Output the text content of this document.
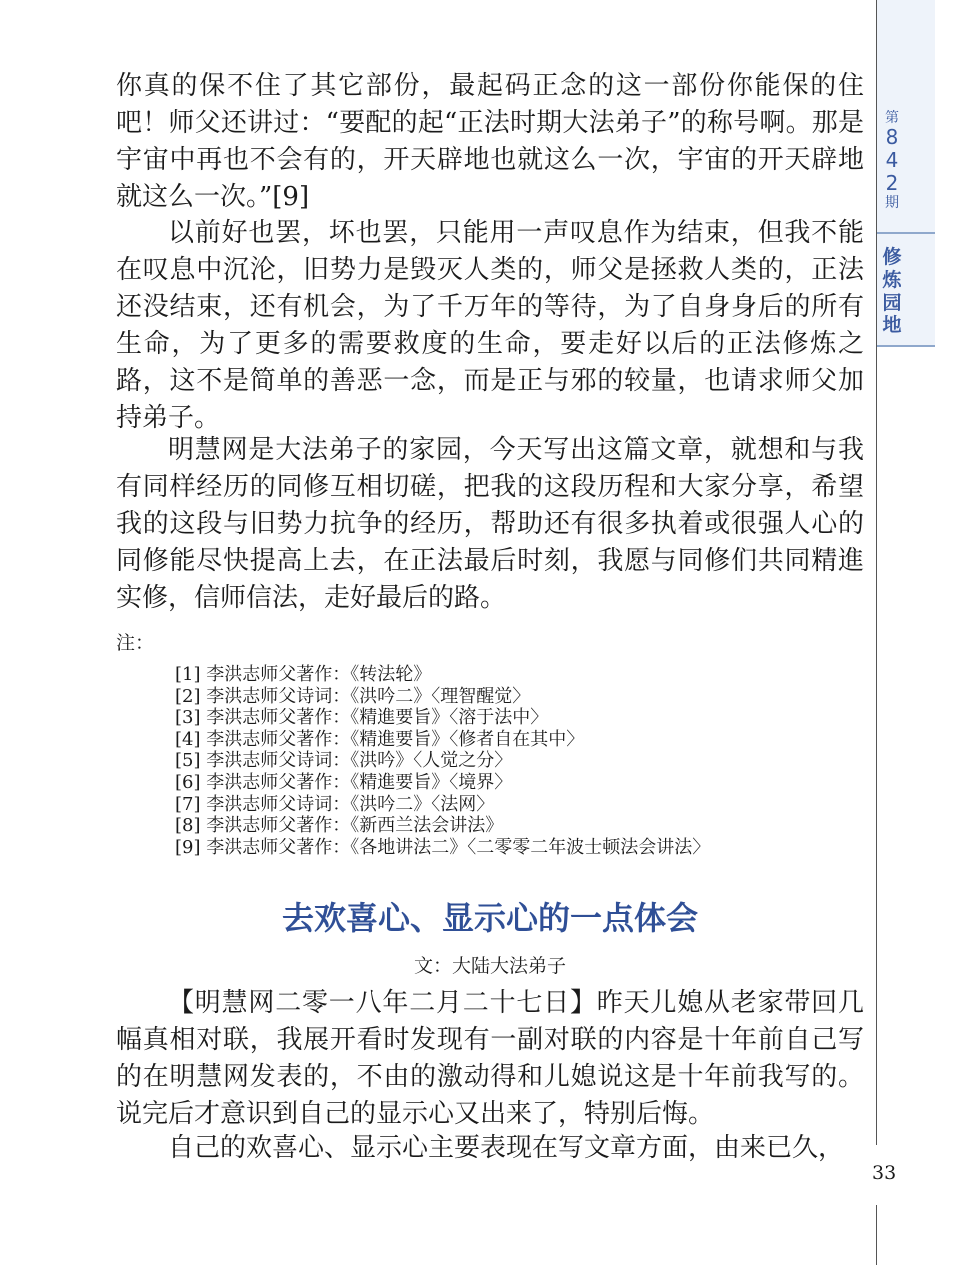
第
8
4
2
期
修
炼
园
地

你真的保不住了其它部份，最起码正念的这一部份你能保的住吧！师父还讲过：“要配的起“正法时期大法弟子”的称号啊。那是宇宙中再也不会有的，开天辟地也就这么一次，宇宙的开天辟地就这么一次。”[9]

以前好也罢，坏也罢，只能用一声叹息作为结束，但我不能在叹息中沉沦，旧势力是毁灭人类的，师父是拯救人类的，正法还没结束，还有机会，为了千万年的等待，为了自身身后的所有生命，为了更多的需要救度的生命，要走好以后的正法修炼之路，这不是简单的善恶一念，而是正与邪的较量，也请求师父加持弟子。

明慧网是大法弟子的家园，今天写出这篇文章，就想和与我有同样经历的同修互相切磋，把我的这段历程和大家分享，希望我的这段与旧势力抗争的经历，帮助还有很多执着或很强人心的同修能尽快提高上去，在正法最后时刻，我愿与同修们共同精進实修，信师信法，走好最后的路。

注：
[1] 李洪志师父著作：《转法轮》
[2] 李洪志师父诗词：《洪吟二》〈理智醒觉〉
[3] 李洪志师父著作：《精進要旨》〈溶于法中〉
[4] 李洪志师父著作：《精進要旨》〈修者自在其中〉
[5] 李洪志师父诗词：《洪吟》〈人觉之分〉
[6] 李洪志师父著作：《精進要旨》〈境界〉
[7] 李洪志师父诗词：《洪吟二》〈法网〉
[8] 李洪志师父著作：《新西兰法会讲法》
[9] 李洪志师父著作：《各地讲法二》〈二零零二年波士顿法会讲法〉
去欢喜心、显示心的一点体会
文：大陆大法弟子

【明慧网二零一八年二月二十七日】昨天儿媳从老家带回几幅真相对联，我展开看时发现有一副对联的内容是十年前自己写的在明慧网发表的，不由的激动得和儿媳说这是十年前我写的。说完后才意识到自己的显示心又出来了，特别后悔。

自己的欢喜心、显示心主要表现在写文章方面，由来已久，

33
